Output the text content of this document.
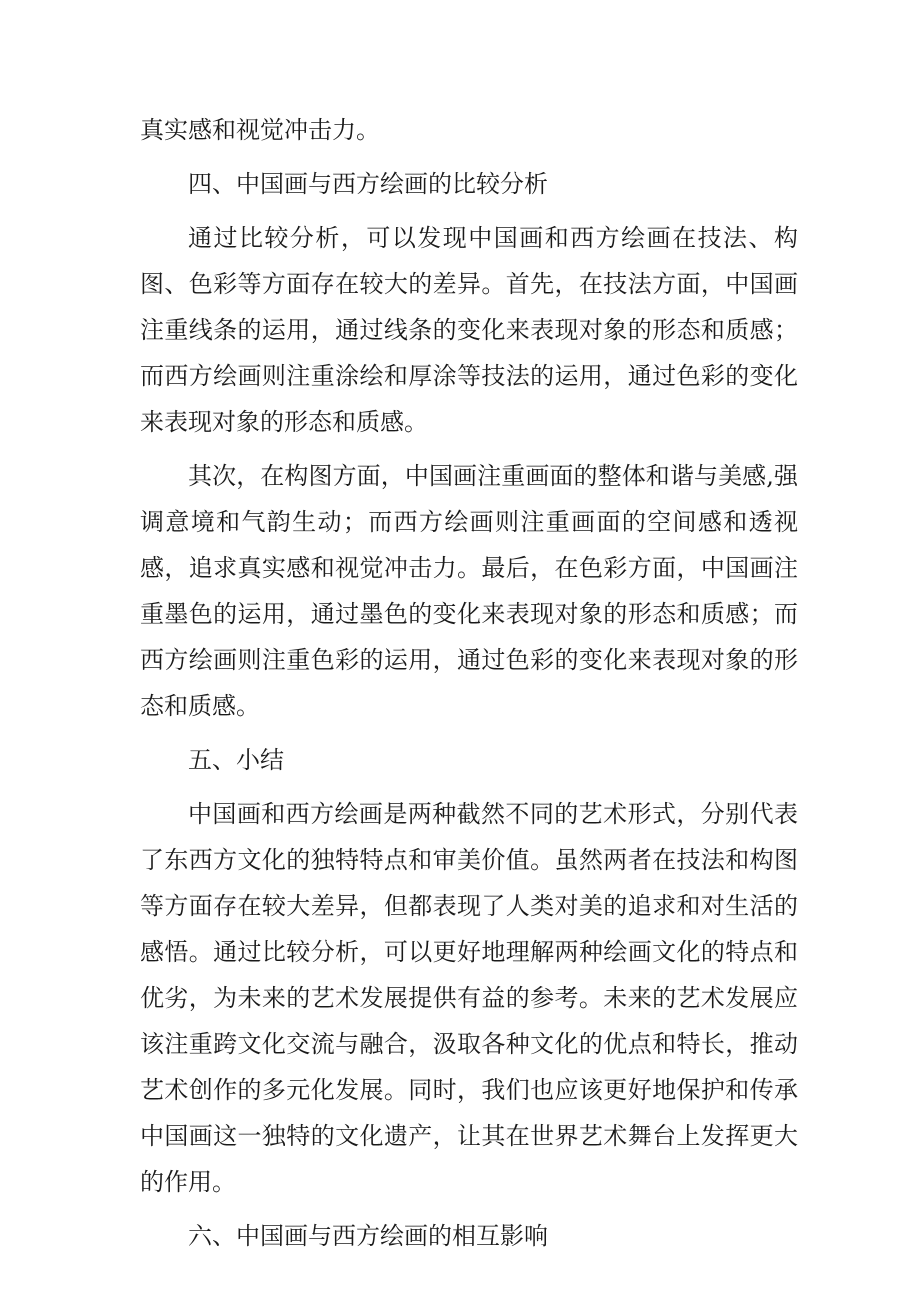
真实感和视觉冲击力。

四、中国画与西方绘画的比较分析

通过比较分析，可以发现中国画和西方绘画在技法、构图、色彩等方面存在较大的差异。首先，在技法方面，中国画注重线条的运用，通过线条的变化来表现对象的形态和质感；而西方绘画则注重涂绘和厚涂等技法的运用，通过色彩的变化来表现对象的形态和质感。

其次，在构图方面，中国画注重画面的整体和谐与美感,强调意境和气韵生动；而西方绘画则注重画面的空间感和透视感，追求真实感和视觉冲击力。最后，在色彩方面，中国画注重墨色的运用，通过墨色的变化来表现对象的形态和质感；而西方绘画则注重色彩的运用，通过色彩的变化来表现对象的形态和质感。

五、小结

中国画和西方绘画是两种截然不同的艺术形式，分别代表了东西方文化的独特特点和审美价值。虽然两者在技法和构图等方面存在较大差异，但都表现了人类对美的追求和对生活的感悟。通过比较分析，可以更好地理解两种绘画文化的特点和优劣，为未来的艺术发展提供有益的参考。未来的艺术发展应该注重跨文化交流与融合，汲取各种文化的优点和特长，推动艺术创作的多元化发展。同时，我们也应该更好地保护和传承中国画这一独特的文化遗产，让其在世界艺术舞台上发挥更大的作用。

六、中国画与西方绘画的相互影响
